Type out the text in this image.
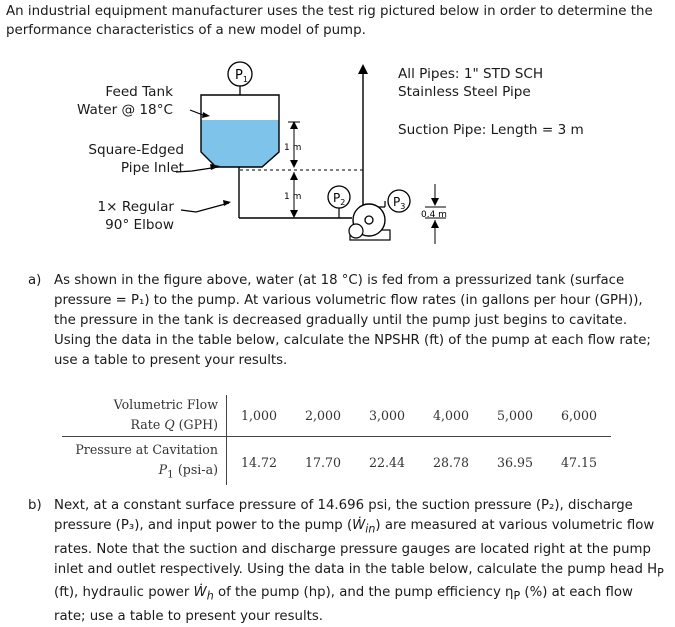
An industrial equipment manufacturer uses the test rig pictured below in order to determine the performance characteristics of a new model of pump.
$P_1$
$P_2$	$P_3$
1 m
1 m
0.4 m
Feed Tank
Water @ 18°C
Square-Edged
Pipe Inlet
1× Regular
90° Elbow
All Pipes: 1" STD SCH
Stainless Steel Pipe
Suction Pipe: Length = 3 m
a) As shown in the figure above, water (at 18 °C) is fed from a pressurized tank (surface pressure = P₁) to the pump. At various volumetric flow rates (in gallons per hour (GPH)), the pressure in the tank is decreased gradually until the pump just begins to cavitate. Using the data in the table below, calculate the NPSHR (ft) of the pump at each flow rate; use a table to present your results.
Volumetric Flow
Rate Q (GPH)	1,000	2,000	3,000	4,000	5,000	6,000

Pressure at Cavitation
$P_1$ (psi-a)	14.72	17.70	22.44	28.78	36.95	47.15
b) Next, at a constant surface pressure of 14.696 psi, the suction pressure (P₂), discharge pressure (P₃), and input power to the pump (Ẇ$_{in}$) are measured at various volumetric flow rates. Note that the suction and discharge pressure gauges are located right at the pump inlet and outlet respectively. Using the data in the table below, calculate the pump head $H_P$ (ft), hydraulic power Ẇ$_h$ of the pump (hp), and the pump efficiency $\eta_P$ (%) at each flow rate; use a table to present your results.
